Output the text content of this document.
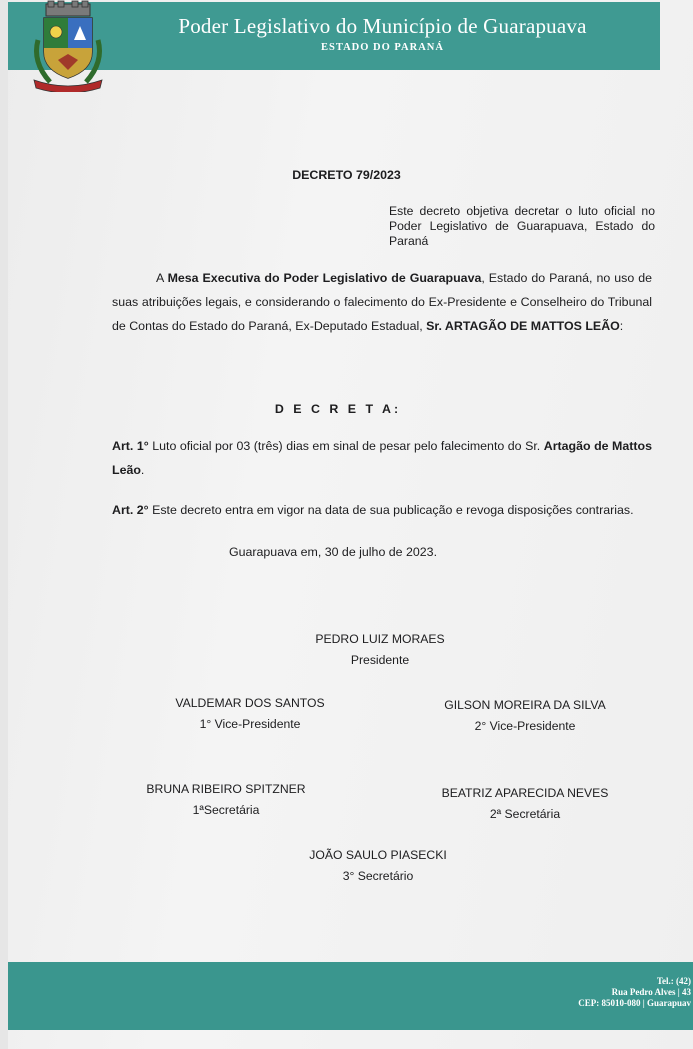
Poder Legislativo do Município de Guarapuava
ESTADO DO PARANÁ
DECRETO 79/2023
Este decreto objetiva decretar o luto oficial no Poder Legislativo de Guarapuava, Estado do Paraná
A Mesa Executiva do Poder Legislativo de Guarapuava, Estado do Paraná, no uso de suas atribuições legais, e considerando o falecimento do Ex-Presidente e Conselheiro do Tribunal de Contas do Estado do Paraná, Ex-Deputado Estadual, Sr. ARTAGÃO DE MATTOS LEÃO:
D E C R E T A:
Art. 1° Luto oficial por 03 (três) dias em sinal de pesar pelo falecimento do Sr. Artagão de Mattos Leão.
Art. 2° Este decreto entra em vigor na data de sua publicação e revoga disposições contrarias.
Guarapuava em, 30 de julho de 2023.
PEDRO LUIZ MORAES
Presidente
VALDEMAR DOS SANTOS
1° Vice-Presidente
GILSON MOREIRA DA SILVA
2° Vice-Presidente
BRUNA RIBEIRO SPITZNER
1ªSecretária
BEATRIZ APARECIDA NEVES
2ª Secretária
JOÃO SAULO PIASECKI
3° Secretário
Tel.: (42)
Rua Pedro Alves | 43
CEP: 85010-080 | Guarapuav
